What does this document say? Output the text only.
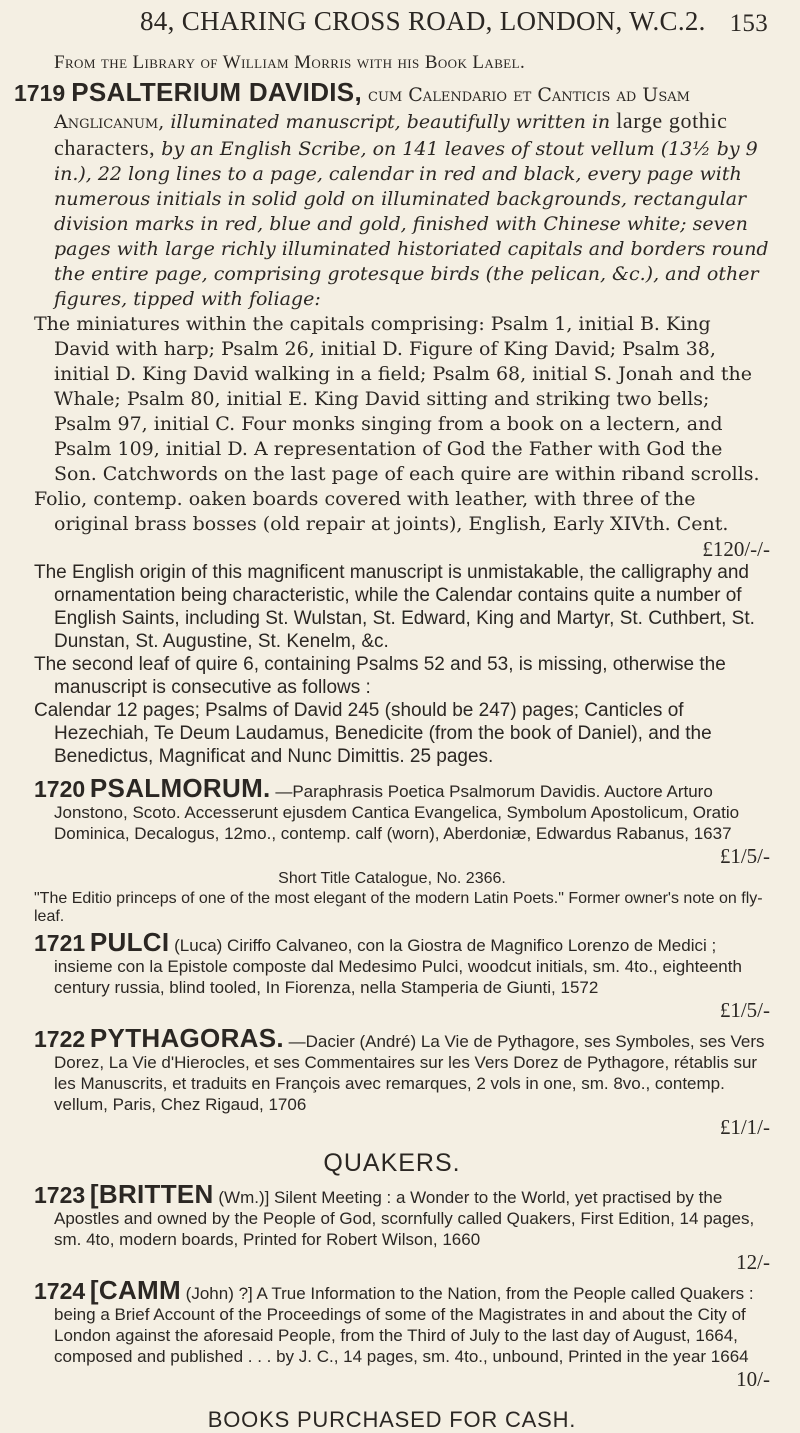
84, CHARING CROSS ROAD, LONDON, W.C.2. 153
From the Library of William Morris with his Book Label.

1719 PSALTERIUM DAVIDIS, cum Calendario et Canticis ad Usam Anglicanum, illuminated manuscript, beautifully written in large gothic characters, by an English Scribe, on 141 leaves of stout vellum (13½ by 9 in.), 22 long lines to a page, calendar in red and black, every page with numerous initials in solid gold on illuminated backgrounds, rectangular division marks in red, blue and gold, finished with Chinese white; seven pages with large richly illuminated historiated capitals and borders round the entire page, comprising grotesque birds (the pelican, &c.), and other figures, tipped with foliage:

The miniatures within the capitals comprising: Psalm 1, initial B. King David with harp; Psalm 26, initial D. Figure of King David; Psalm 38, initial D. King David walking in a field; Psalm 68, initial S. Jonah and the Whale; Psalm 80, initial E. King David sitting and striking two bells; Psalm 97, initial C. Four monks singing from a book on a lectern, and Psalm 109, initial D. A representation of God the Father with God the Son. Catchwords on the last page of each quire are within riband scrolls.

Folio, contemp. oaken boards covered with leather, with three of the original brass bosses (old repair at joints), English, Early XIVth. Cent.

£120/-/-

The English origin of this magnificent manuscript is unmistakable, the calligraphy and ornamentation being characteristic, while the Calendar contains quite a number of English Saints, including St. Wulstan, St. Edward, King and Martyr, St. Cuthbert, St. Dunstan, St. Augustine, St. Kenelm, &c.

The second leaf of quire 6, containing Psalms 52 and 53, is missing, otherwise the manuscript is consecutive as follows :

Calendar 12 pages; Psalms of David 245 (should be 247) pages; Canticles of Hezechiah, Te Deum Laudamus, Benedicite (from the book of Daniel), and the Benedictus, Magnificat and Nunc Dimittis. 25 pages.

1720 PSALMORUM. —Paraphrasis Poetica Psalmorum Davidis. Auctore Arturo Jonstono, Scoto. Accesserunt ejusdem Cantica Evangelica, Symbolum Apostolicum, Oratio Dominica, Decalogus, 12mo., contemp. calf (worn), Aberdoniæ, Edwardus Rabanus, 1637

£1/5/-

Short Title Catalogue, No. 2366.

"The Editio princeps of one of the most elegant of the modern Latin Poets." Former owner's note on fly-leaf.

1721 PULCI (Luca) Ciriffo Calvaneo, con la Giostra de Magnifico Lorenzo de Medici ; insieme con la Epistole composte dal Medesimo Pulci, woodcut initials, sm. 4to., eighteenth century russia, blind tooled, In Fiorenza, nella Stamperia de Giunti, 1572

£1/5/-

1722 PYTHAGORAS. —Dacier (André) La Vie de Pythagore, ses Symboles, ses Vers Dorez, La Vie d'Hierocles, et ses Commentaires sur les Vers Dorez de Pythagore, rétablis sur les Manuscrits, et traduits en François avec remarques, 2 vols in one, sm. 8vo., contemp. vellum, Paris, Chez Rigaud, 1706

£1/1/-

QUAKERS.

1723 [BRITTEN (Wm.)] Silent Meeting : a Wonder to the World, yet practised by the Apostles and owned by the People of God, scornfully called Quakers, First Edition, 14 pages, sm. 4to, modern boards, Printed for Robert Wilson, 1660

12/-

1724 [CAMM (John) ?] A True Information to the Nation, from the People called Quakers : being a Brief Account of the Proceedings of some of the Magistrates in and about the City of London against the aforesaid People, from the Third of July to the last day of August, 1664, composed and published . . . by J. C., 14 pages, sm. 4to., unbound, Printed in the year 1664

10/-

BOOKS PURCHASED FOR CASH.
